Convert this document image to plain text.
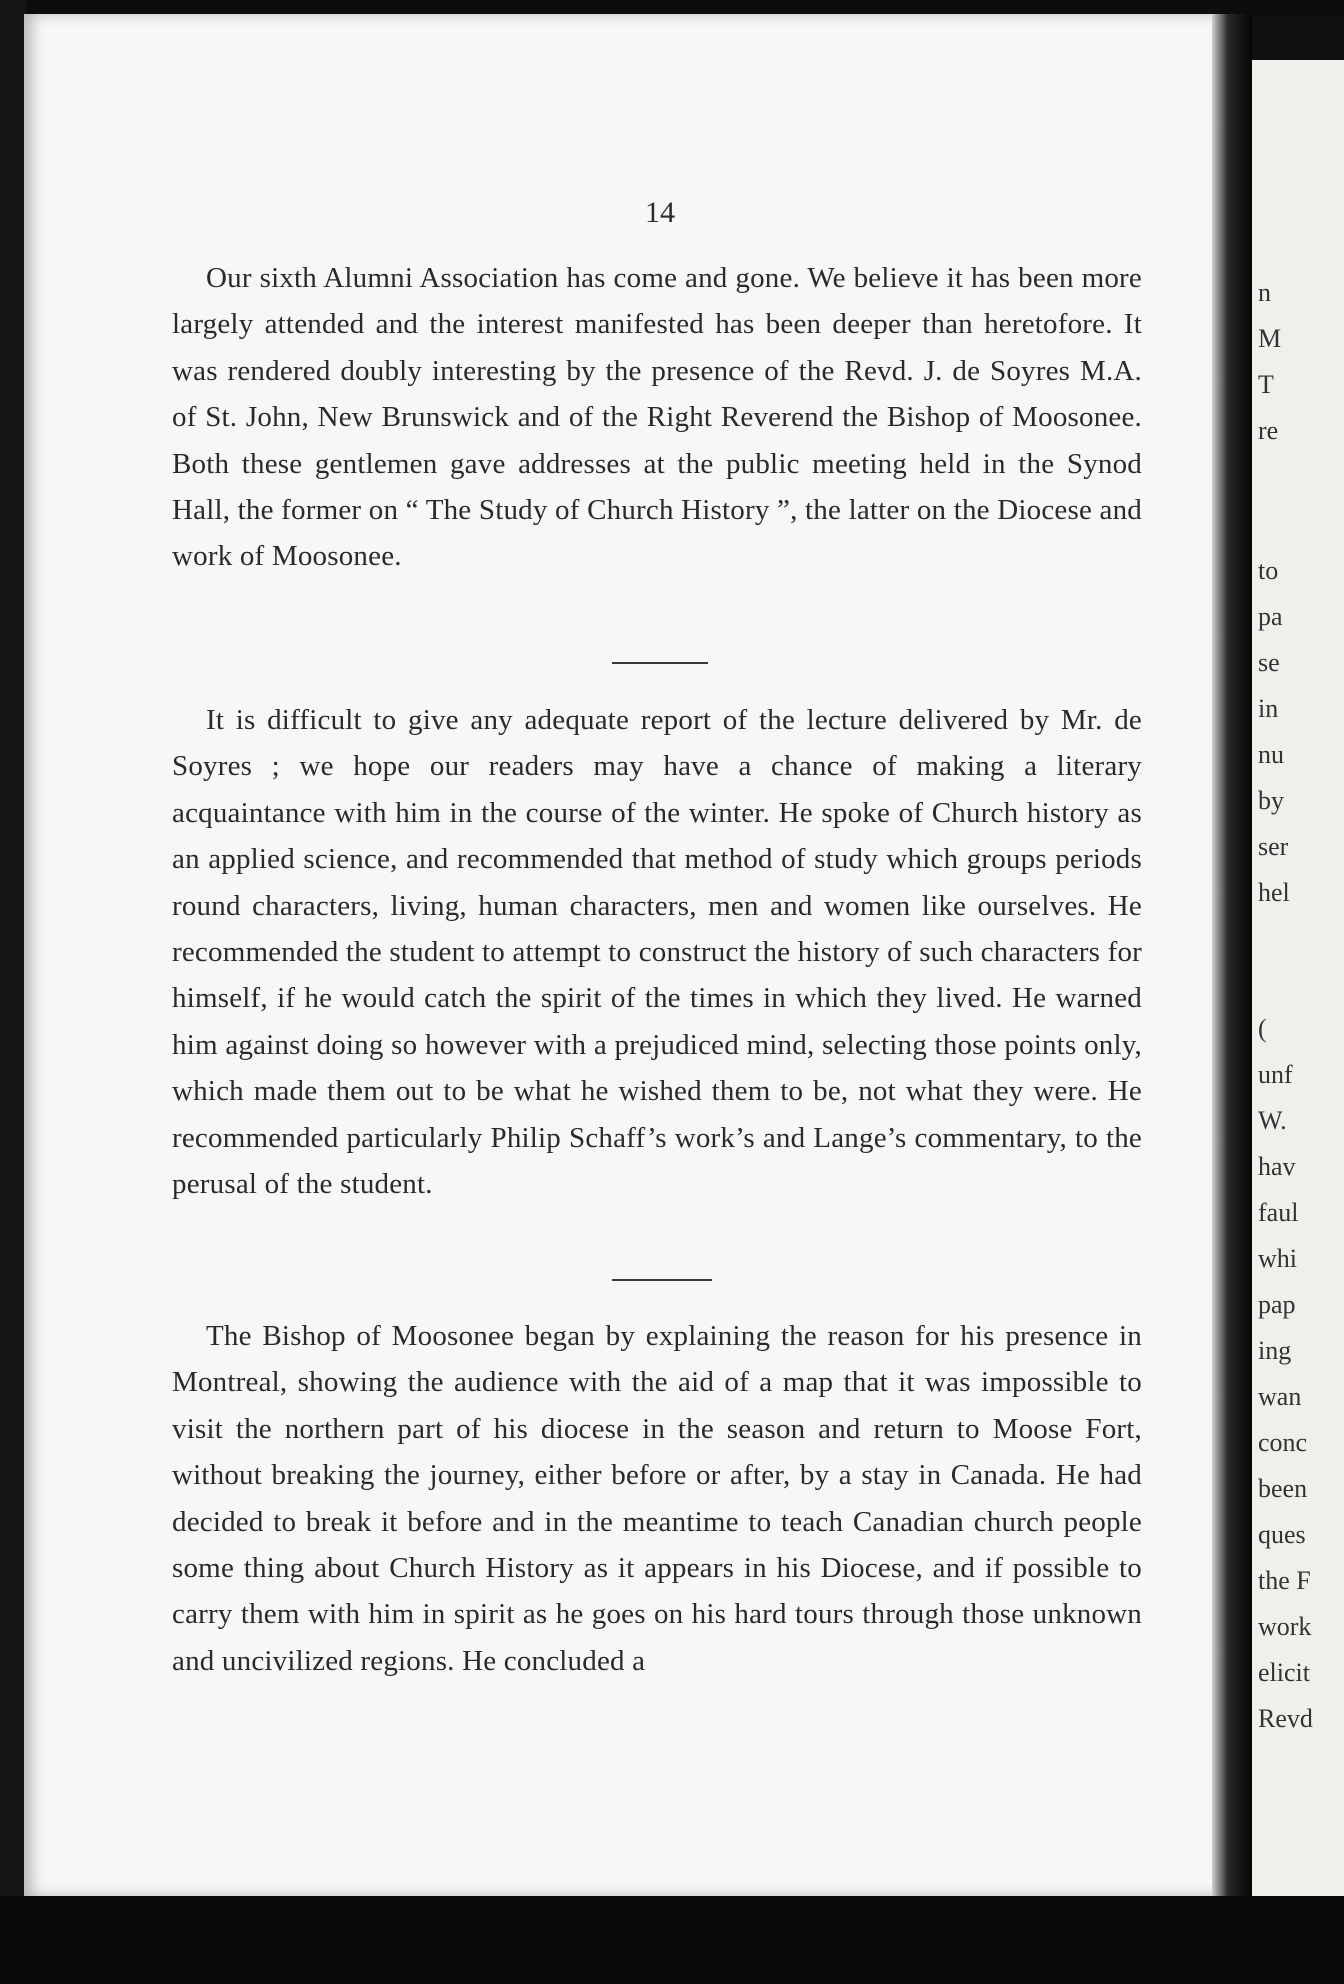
14

Our sixth Alumni Association has come and gone. We believe it has been more largely attended and the interest manifested has been deeper than heretofore. It was rendered doubly interesting by the presence of the Revd. J. de Soyres M.A. of St. John, New Brunswick and of the Right Reverend the Bishop of Moosonee. Both these gentlemen gave addresses at the public meeting held in the Synod Hall, the former on “ The Study of Church History ”, the latter on the Diocese and work of Moosonee.

It is difficult to give any adequate report of the lecture delivered by Mr. de Soyres ; we hope our readers may have a chance of making a literary acquaintance with him in the course of the winter. He spoke of Church history as an applied science, and recommended that method of study which groups periods round characters, living, human characters, men and women like ourselves. He recommended the student to attempt to construct the history of such characters for himself, if he would catch the spirit of the times in which they lived. He warned him against doing so however with a prejudiced mind, selecting those points only, which made them out to be what he wished them to be, not what they were. He recommended particularly Philip Schaff’s work’s and Lange’s commentary, to the perusal of the student.

The Bishop of Moosonee began by explaining the reason for his presence in Montreal, showing the audience with the aid of a map that it was impossible to visit the northern part of his diocese in the season and return to Moose Fort, without breaking the journey, either before or after, by a stay in Canada. He had decided to break it before and in the meantime to teach Canadian church people some thing about Church History as it appears in his Diocese, and if possible to carry them with him in spirit as he goes on his hard tours through those unknown and uncivilized regions. He concluded a

n

M

T

re

to

pa

se

in

nu

by

ser

hel

(

unf

W.

hav

faul

whi

pap

ing

wan

conc

been

ques

the F

work

elicit

Revd
